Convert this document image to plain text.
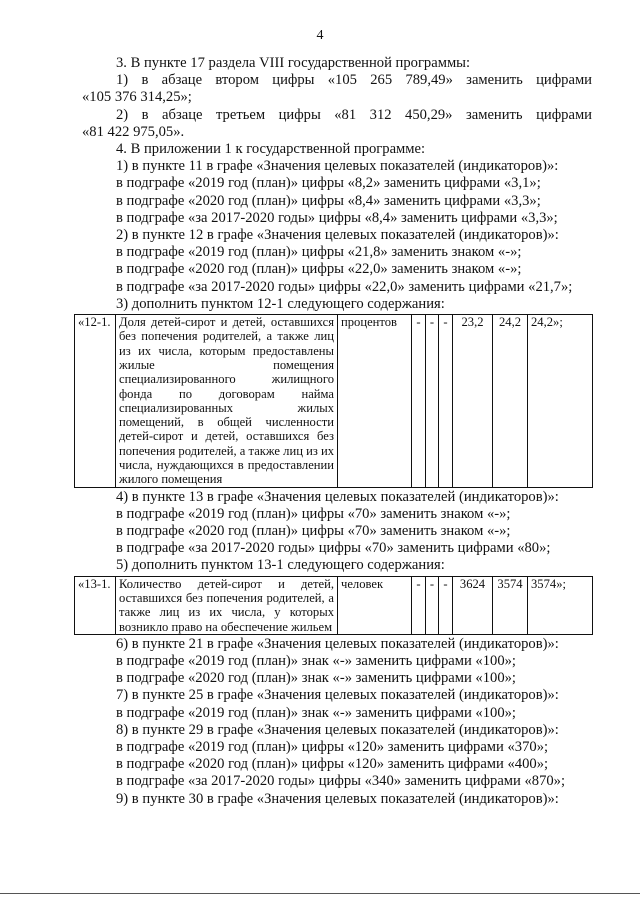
4

3. В пункте 17 раздела VIII государственной программы:

1) в абзаце втором цифры «105 265 789,49» заменить цифрами

«105 376 314,25»;

2) в абзаце третьем цифры «81 312 450,29» заменить цифрами

«81 422 975,05».

4. В приложении 1 к государственной программе:

1) в пункте 11 в графе «Значения целевых показателей (индикаторов)»:

в подграфе «2019 год (план)» цифры «8,2» заменить цифрами «3,1»;

в подграфе «2020 год (план)» цифры «8,4» заменить цифрами «3,3»;

в подграфе «за 2017-2020 годы» цифры «8,4» заменить цифрами «3,3»;

2) в пункте 12 в графе «Значения целевых показателей (индикаторов)»:

в подграфе «2019 год (план)» цифры «21,8» заменить знаком «-»;

в подграфе «2020 год (план)» цифры «22,0» заменить знаком «-»;

в подграфе «за 2017-2020 годы» цифры «22,0» заменить цифрами «21,7»;

3) дополнить пунктом 12-1 следующего содержания:

«12-1.	Доля детей-сирот и детей, оставшихся без попечения родителей, а также лиц из их числа, которым предоставлены жилые помещения специализированного жилищного фонда по договорам найма специализированных жилых помещений, в общей численности детей-сирот и детей, оставшихся без попечения родителей, а также лиц из их числа, нуждающихся в предоставлении жилого помещения	процентов	-	-	-	23,2	24,2	24,2»;

4) в пункте 13 в графе «Значения целевых показателей (индикаторов)»:

в подграфе «2019 год (план)» цифры «70» заменить знаком «-»;

в подграфе «2020 год (план)» цифры «70» заменить знаком «-»;

в подграфе «за 2017-2020 годы» цифры «70» заменить цифрами «80»;

5) дополнить пунктом 13-1 следующего содержания:

«13-1.	Количество детей-сирот и детей, оставшихся без попечения родителей, а также лиц из их числа, у которых возникло право на обеспечение жильем	человек	-	-	-	3624	3574	3574»;

6) в пункте 21 в графе «Значения целевых показателей (индикаторов)»:

в подграфе «2019 год (план)» знак «-» заменить цифрами «100»;

в подграфе «2020 год (план)» знак «-» заменить цифрами «100»;

7) в пункте 25 в графе «Значения целевых показателей (индикаторов)»:

в подграфе «2019 год (план)» знак «-» заменить цифрами «100»;

8) в пункте 29 в графе «Значения целевых показателей (индикаторов)»:

в подграфе «2019 год (план)» цифры «120» заменить цифрами «370»;

в подграфе «2020 год (план)» цифры «120» заменить цифрами «400»;

в подграфе «за 2017-2020 годы» цифры «340» заменить цифрами «870»;

9) в пункте 30 в графе «Значения целевых показателей (индикаторов)»:
